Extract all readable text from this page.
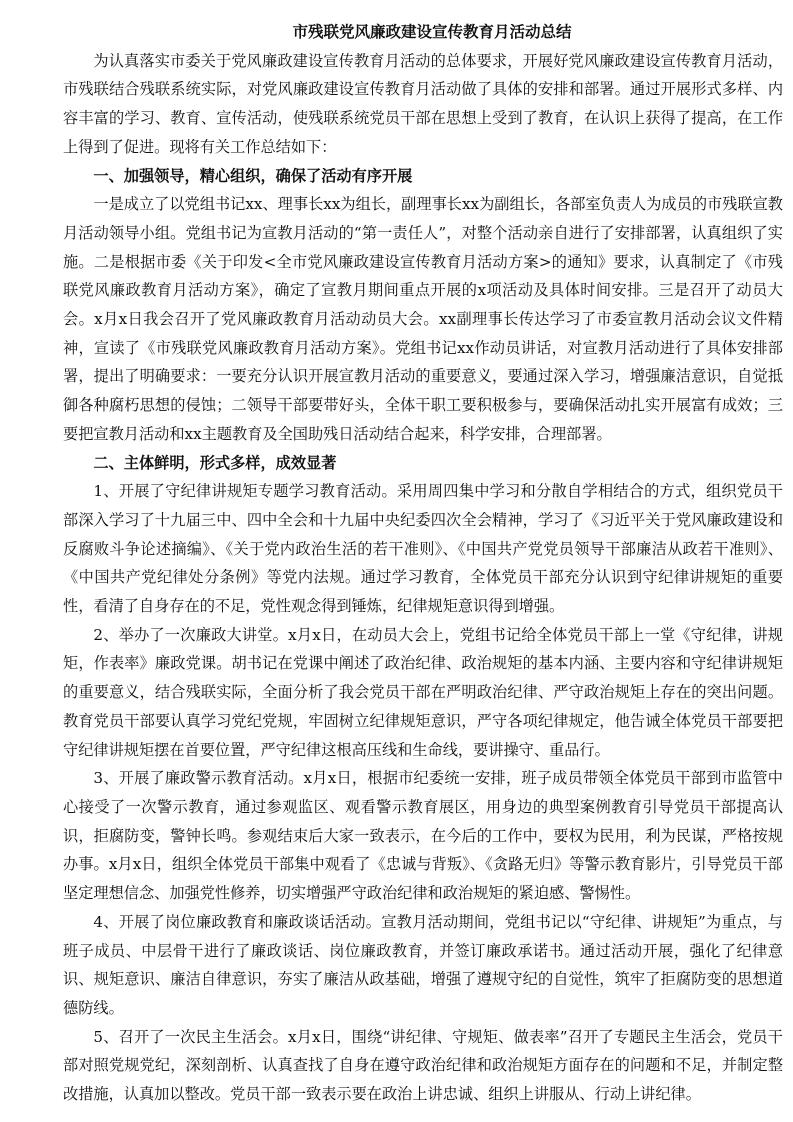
市残联党风廉政建设宣传教育月活动总结

为认真落实市委关于党风廉政建设宣传教育月活动的总体要求，开展好党风廉政建设宣传教育月活动，市残联结合残联系统实际，对党风廉政建设宣传教育月活动做了具体的安排和部署。通过开展形式多样、内容丰富的学习、教育、宣传活动，使残联系统党员干部在思想上受到了教育，在认识上获得了提高，在工作上得到了促进。现将有关工作总结如下：

一、加强领导，精心组织，确保了活动有序开展

一是成立了以党组书记xx、理事长xx为组长，副理事长xx为副组长，各部室负责人为成员的市残联宣教月活动领导小组。党组书记为宣教月活动的“第一责任人”，对整个活动亲自进行了安排部署，认真组织了实施。二是根据市委《关于印发<全市党风廉政建设宣传教育月活动方案>的通知》要求，认真制定了《市残联党风廉政教育月活动方案》，确定了宣教月期间重点开展的x项活动及具体时间安排。三是召开了动员大会。x月x日我会召开了党风廉政教育月活动动员大会。xx副理事长传达学习了市委宣教月活动会议文件精神，宣读了《市残联党风廉政教育月活动方案》。党组书记xx作动员讲话，对宣教月活动进行了具体安排部署，提出了明确要求：一要充分认识开展宣教月活动的重要意义，要通过深入学习，增强廉洁意识，自觉抵御各种腐朽思想的侵蚀；二领导干部要带好头，全体干职工要积极参与，要确保活动扎实开展富有成效；三要把宣教月活动和xx主题教育及全国助残日活动结合起来，科学安排，合理部署。

二、主体鲜明，形式多样，成效显著

1、开展了守纪律讲规矩专题学习教育活动。采用周四集中学习和分散自学相结合的方式，组织党员干部深入学习了十九届三中、四中全会和十九届中央纪委四次全会精神，学习了《习近平关于党风廉政建设和反腐败斗争论述摘编》、《关于党内政治生活的若干准则》、《中国共产党党员领导干部廉洁从政若干准则》、《中国共产党纪律处分条例》等党内法规。通过学习教育，全体党员干部充分认识到守纪律讲规矩的重要性，看清了自身存在的不足，党性观念得到锤炼，纪律规矩意识得到增强。

2、举办了一次廉政大讲堂。x月x日，在动员大会上，党组书记给全体党员干部上一堂《守纪律，讲规矩，作表率》廉政党课。胡书记在党课中阐述了政治纪律、政治规矩的基本内涵、主要内容和守纪律讲规矩的重要意义，结合残联实际，全面分析了我会党员干部在严明政治纪律、严守政治规矩上存在的突出问题。教育党员干部要认真学习党纪党规，牢固树立纪律规矩意识，严守各项纪律规定，他告诫全体党员干部要把守纪律讲规矩摆在首要位置，严守纪律这根高压线和生命线，要讲操守、重品行。

3、开展了廉政警示教育活动。x月x日，根据市纪委统一安排，班子成员带领全体党员干部到市监管中心接受了一次警示教育，通过参观监区、观看警示教育展区，用身边的典型案例教育引导党员干部提高认识，拒腐防变，警钟长鸣。参观结束后大家一致表示，在今后的工作中，要权为民用，利为民谋，严格按规办事。x月x日，组织全体党员干部集中观看了《忠诚与背叛》、《贪路无归》等警示教育影片，引导党员干部坚定理想信念、加强党性修养，切实增强严守政治纪律和政治规矩的紧迫感、警惕性。

4、开展了岗位廉政教育和廉政谈话活动。宣教月活动期间，党组书记以“守纪律、讲规矩”为重点，与班子成员、中层骨干进行了廉政谈话、岗位廉政教育，并签订廉政承诺书。通过活动开展，强化了纪律意识、规矩意识、廉洁自律意识，夯实了廉洁从政基础，增强了遵规守纪的自觉性，筑牢了拒腐防变的思想道德防线。

5、召开了一次民主生活会。x月x日，围绕“讲纪律、守规矩、做表率”召开了专题民主生活会，党员干部对照党规党纪，深刻剖析、认真查找了自身在遵守政治纪律和政治规矩方面存在的问题和不足，并制定整改措施，认真加以整改。党员干部一致表示要在政治上讲忠诚、组织上讲服从、行动上讲纪律。
